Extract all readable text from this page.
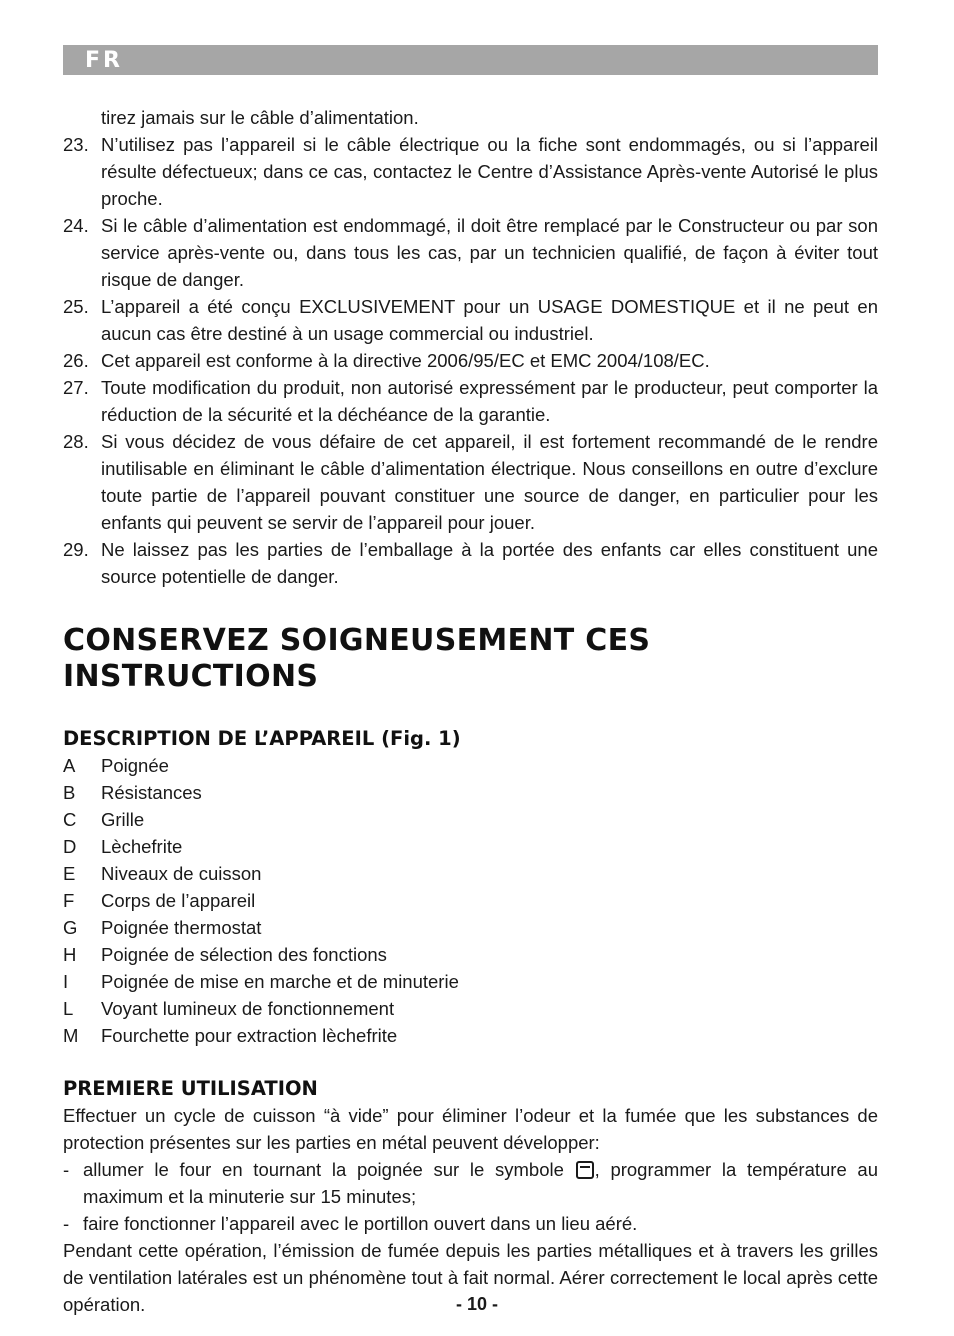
FR
tirez jamais sur le câble d’alimentation.
23. N’utilisez pas l’appareil si le câble électrique ou la fiche sont endommagés, ou si l’appareil résulte défectueux; dans ce cas, contactez le Centre d’Assistance Après-vente Autorisé le plus proche.
24. Si le câble d’alimentation est endommagé, il doit être remplacé par le Constructeur ou par son service après-vente ou, dans tous les cas, par un technicien qualifié, de façon à éviter tout risque de danger.
25. L’appareil a été conçu EXCLUSIVEMENT pour un USAGE DOMESTIQUE et il ne peut en aucun cas être destiné à un usage commercial ou industriel.
26. Cet appareil est conforme à la directive 2006/95/EC et EMC 2004/108/EC.
27. Toute modification du produit, non autorisé expressément par le producteur, peut comporter la réduction de la sécurité et la déchéance de la garantie.
28. Si vous décidez de vous défaire de cet appareil, il est fortement recommandé de le rendre inutilisable en éliminant le câble d’alimentation électrique. Nous conseillons en outre d’exclure toute partie de l’appareil pouvant constituer une source de danger, en particulier pour les enfants qui peuvent se servir de l’appareil pour jouer.
29. Ne laissez pas les parties de l’emballage à la portée des enfants car elles constituent une source potentielle de danger.
CONSERVEZ SOIGNEUSEMENT CES
INSTRUCTIONS
DESCRIPTION DE L’APPAREIL (Fig. 1)
A Poignée
B Résistances
C Grille
D Lèchefrite
E Niveaux de cuisson
F Corps de l’appareil
G Poignée thermostat
H Poignée de sélection des fonctions
I Poignée de mise en marche et de minuterie
L Voyant lumineux de fonctionnement
M Fourchette pour extraction lèchefrite
PREMIERE UTILISATION

Effectuer un cycle de cuisson “à vide” pour éliminer l’odeur et la fumée que les substances de protection présentes sur les parties en métal peuvent développer:

- allumer le four en tournant la poignée sur le symbole , programmer la température au maximum et la minuterie sur 15 minutes;
- faire fonctionner l’appareil avec le portillon ouvert dans un lieu aéré.

Pendant cette opération, l’émission de fumée depuis les parties métalliques et à travers les grilles de ventilation latérales est un phénomène tout à fait normal. Aérer correctement le local après cette opération.	- 10 -
